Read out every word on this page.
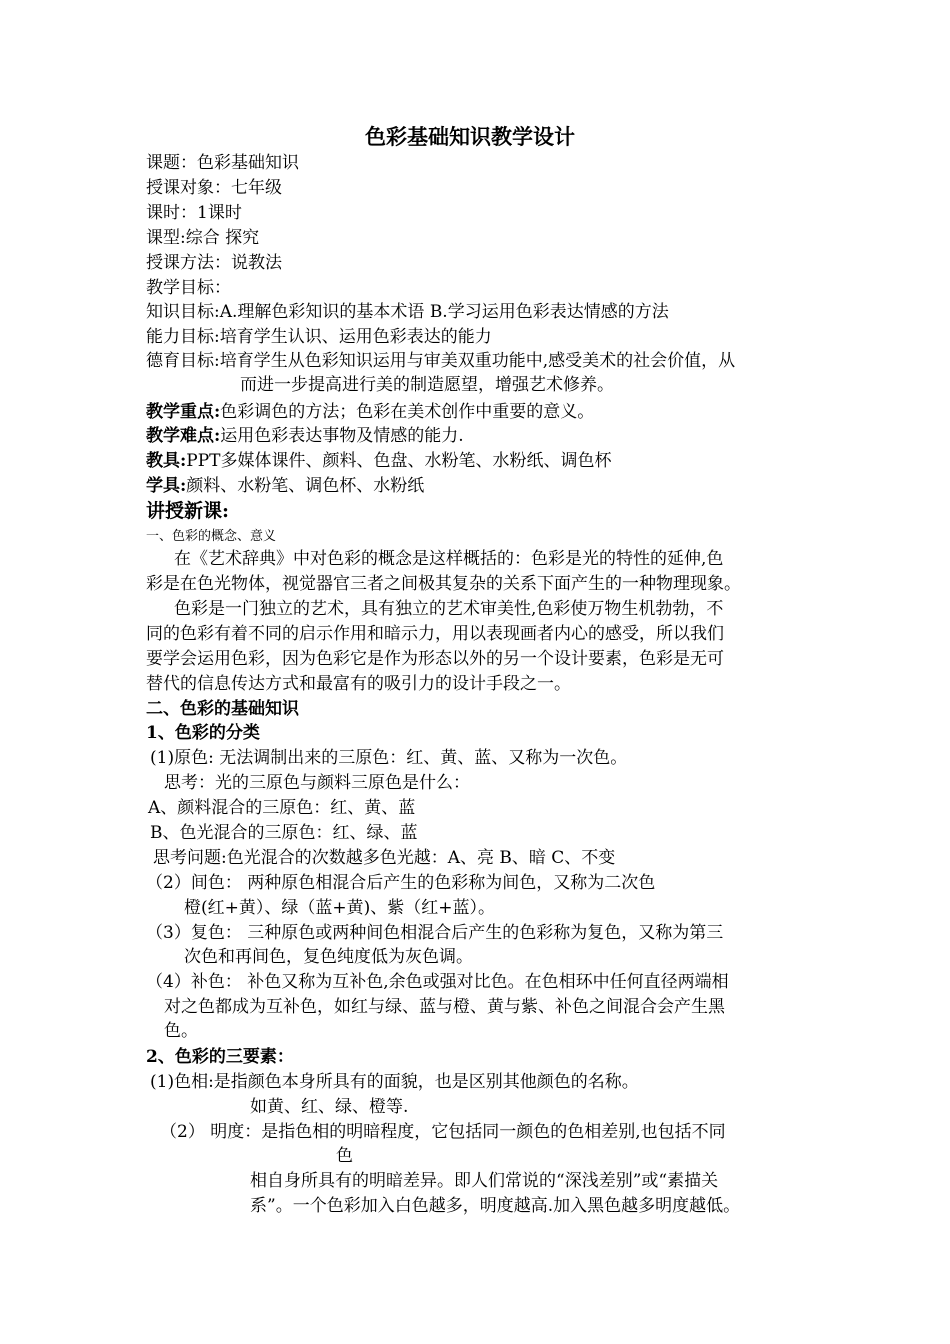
色彩基础知识教学设计
课题：色彩基础知识
授课对象：七年级
课时：1课时
课型:综合 探究
授课方法：说教法
教学目标：
知识目标:A.理解色彩知识的基本术语 B.学习运用色彩表达情感的方法
能力目标:培育学生认识、运用色彩表达的能力
德育目标:培育学生从色彩知识运用与审美双重功能中,感受美术的社会价值，从
而进一步提高进行美的制造愿望，增强艺术修养。
教学重点:色彩调色的方法；色彩在美术创作中重要的意义。
教学难点:运用色彩表达事物及情感的能力.
教具:PPT多媒体课件、颜料、色盘、水粉笔、水粉纸、调色杯
学具:颜料、水粉笔、调色杯、水粉纸
讲授新课:
一、色彩的概念、意义
在《艺术辞典》中对色彩的概念是这样概括的：色彩是光的特性的延伸,色
彩是在色光物体，视觉器官三者之间极其复杂的关系下面产生的一种物理现象。
色彩是一门独立的艺术，具有独立的艺术审美性,色彩使万物生机勃勃，不
同的色彩有着不同的启示作用和暗示力，用以表现画者内心的感受，所以我们
要学会运用色彩，因为色彩它是作为形态以外的另一个设计要素，色彩是无可
替代的信息传达方式和最富有的吸引力的设计手段之一。
二、色彩的基础知识
1、色彩的分类
(1)原色: 无法调制出来的三原色：红、黄、蓝、又称为一次色。
思考：光的三原色与颜料三原色是什么：
A、颜料混合的三原色：红、黄、蓝
B、色光混合的三原色：红、绿、蓝
思考问题:色光混合的次数越多色光越：A、亮 B、暗 C、不变
（2）间色： 两种原色相混合后产生的色彩称为间色，又称为二次色
橙(红+黄）、绿（蓝+黄)、紫（红+蓝）。
（3）复色： 三种原色或两种间色相混合后产生的色彩称为复色，又称为第三
次色和再间色，复色纯度低为灰色调。
（4）补色： 补色又称为互补色,余色或强对比色。在色相环中任何直径两端相
对之色都成为互补色，如红与绿、蓝与橙、黄与紫、补色之间混合会产生黑
色。
2、色彩的三要素：
(1)色相:是指颜色本身所具有的面貌，也是区别其他颜色的名称。
如黄、红、绿、橙等.
（2） 明度：是指色相的明暗程度，它包括同一颜色的色相差别,也包括不同
色
相自身所具有的明暗差异。即人们常说的“深浅差别”或“素描关
系”。一个色彩加入白色越多，明度越高.加入黑色越多明度越低。
